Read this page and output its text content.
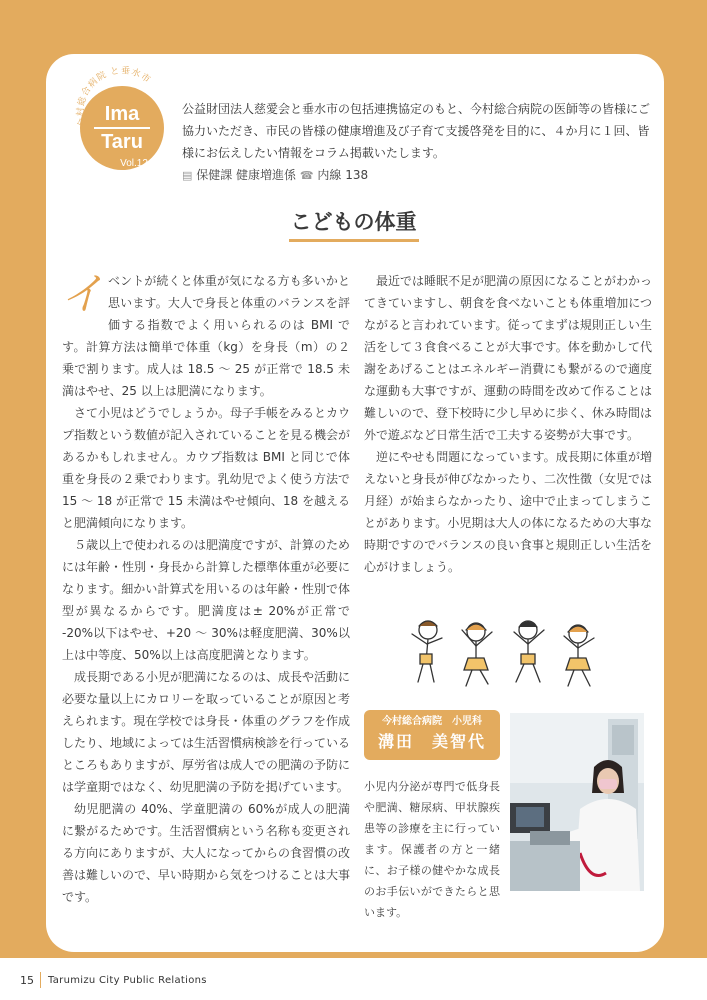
今村総合病院 と垂水市
Ima
Taru
Vol.12
公益財団法人慈愛会と垂水市の包括連携協定のもと、今村総合病院の医師等の皆様にご協力いただき、市民の皆様の健康増進及び子育て支援啓発を目的に、４か月に１回、皆様にお伝えしたい情報をコラム掲載いたします。
▤ 保健課 健康増進係 ☎ 内線 138
こどもの体重

イベントが続くと体重が気になる方も多いかと思います。大人で身長と体重のバランスを評価する指数でよく用いられるのは BMI です。計算方法は簡単で体重（kg）を身長（m）の２乗で割ります。成人は 18.5 ～ 25 が正常で 18.5 未満はやせ、25 以上は肥満になります。

さて小児はどうでしょうか。母子手帳をみるとカウプ指数という数値が記入されていることを見る機会があるかもしれません。カウプ指数は BMI と同じで体重を身長の２乗でわります。乳幼児でよく使う方法で 15 ～ 18 が正常で 15 未満はやせ傾向、18 を越えると肥満傾向になります。

５歳以上で使われるのは肥満度ですが、計算のためには年齢・性別・身長から計算した標準体重が必要になります。細かい計算式を用いるのは年齢・性別で体型が異なるからです。肥満度は± 20%が正常で -20%以下はやせ、+20 ～ 30%は軽度肥満、30%以上は中等度、50%以上は高度肥満となります。

成長期である小児が肥満になるのは、成長や活動に必要な量以上にカロリーを取っていることが原因と考えられます。現在学校では身長・体重のグラフを作成したり、地域によっては生活習慣病検診を行っているところもありますが、厚労省は成人での肥満の予防には学童期ではなく、幼児肥満の予防を掲げています。

幼児肥満の 40%、学童肥満の 60%が成人の肥満に繋がるためです。生活習慣病という名称も変更される方向にありますが、大人になってからの食習慣の改善は難しいので、早い時期から気をつけることは大事です。

最近では睡眠不足が肥満の原因になることがわかってきていますし、朝食を食べないことも体重増加につながると言われています。従ってまずは規則正しい生活をして３食食べることが大事です。体を動かして代謝をあげることはエネルギー消費にも繋がるので適度な運動も大事ですが、運動の時間を改めて作ることは難しいので、登下校時に少し早めに歩く、休み時間は外で遊ぶなど日常生活で工夫する姿勢が大事です。

逆にやせも問題になっています。成長期に体重が増えないと身長が伸びなかったり、二次性徴（女児では月経）が始まらなかったり、途中で止まってしまうことがあります。小児期は大人の体になるための大事な時期ですのでバランスの良い食事と規則正しい生活を心がけましょう。

今村総合病院　小児科
溝田　美智代
小児内分泌が専門で低身長や肥満、糖尿病、甲状腺疾患等の診療を主に行っています。保護者の方と一緒に、お子様の健やかな成長のお手伝いができたらと思います。
15 Tarumizu City Public Relations
